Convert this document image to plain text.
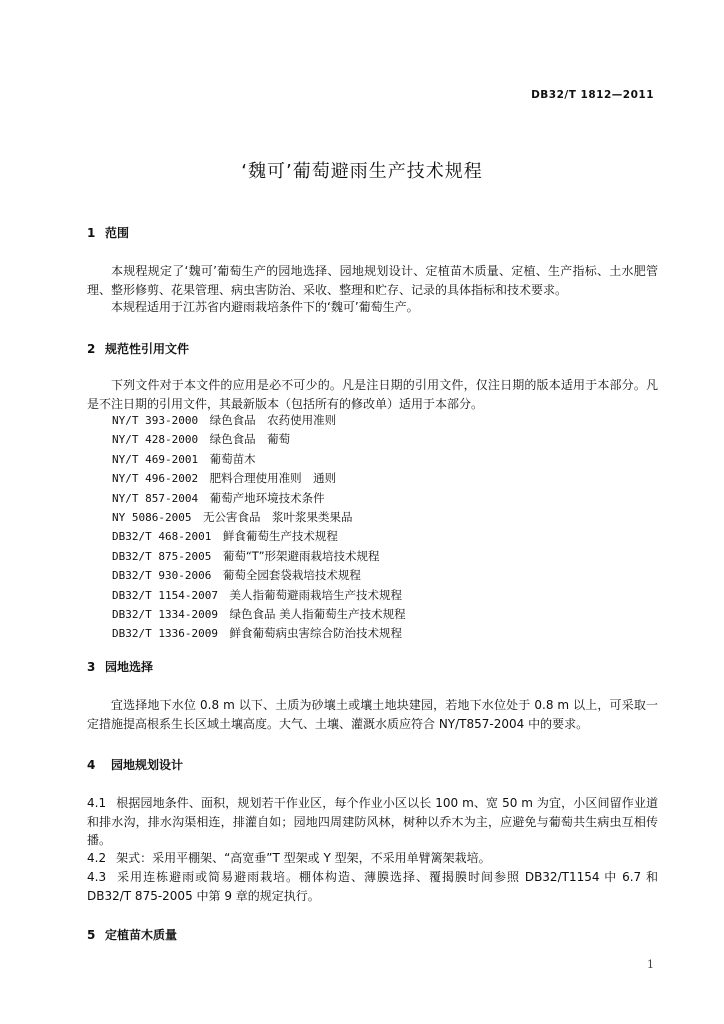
DB32/T 1812—2011
‘魏可’葡萄避雨生产技术规程
1 范围
本规程规定了‘魏可’葡萄生产的园地选择、园地规划设计、定植苗木质量、定植、生产指标、土水肥管理、整形修剪、花果管理、病虫害防治、采收、整理和贮存、记录的具体指标和技术要求。
本规程适用于江苏省内避雨栽培条件下的‘魏可’葡萄生产。
2 规范性引用文件
下列文件对于本文件的应用是必不可少的。凡是注日期的引用文件，仅注日期的版本适用于本部分。凡是不注日期的引用文件，其最新版本（包括所有的修改单）适用于本部分。
NY/T 393-2000　 绿色食品　农药使用准则
NY/T 428-2000　 绿色食品　葡萄
NY/T 469-2001　 葡萄苗木
NY/T 496-2002　 肥料合理使用准则　通则
NY/T 857-2004　 葡萄产地环境技术条件
NY 5086-2005　 无公害食品　浆叶浆果类果品
DB32/T 468-2001　 鲜食葡萄生产技术规程
DB32/T 875-2005　 葡萄“T”形架避雨栽培技术规程
DB32/T 930-2006　 葡萄全园套袋栽培技术规程
DB32/T 1154-2007　 美人指葡萄避雨栽培生产技术规程
DB32/T 1334-2009　 绿色食品 美人指葡萄生产技术规程
DB32/T 1336-2009　 鲜食葡萄病虫害综合防治技术规程
3 园地选择
宜选择地下水位 0.8 m 以下、土质为砂壤土或壤土地块建园，若地下水位处于 0.8 m 以上，可采取一定措施提高根系生长区域土壤高度。大气、土壤、灌溉水质应符合 NY/T857-2004 中的要求。
4 园地规划设计
4.1 根据园地条件、面积，规划若干作业区，每个作业小区以长 100 m、宽 50 m 为宜，小区间留作业道和排水沟，排水沟渠相连，排灌自如；园地四周建防风林，树种以乔木为主，应避免与葡萄共生病虫互相传播。
4.2 架式：采用平棚架、“高宽垂”T 型架或 Y 型架，不采用单臂篱架栽培。
4.3 采用连栋避雨或简易避雨栽培。棚体构造、薄膜选择、覆揭膜时间参照 DB32/T1154 中 6.7 和 DB32/T 875-2005 中第 9 章的规定执行。
5 定植苗木质量
1
